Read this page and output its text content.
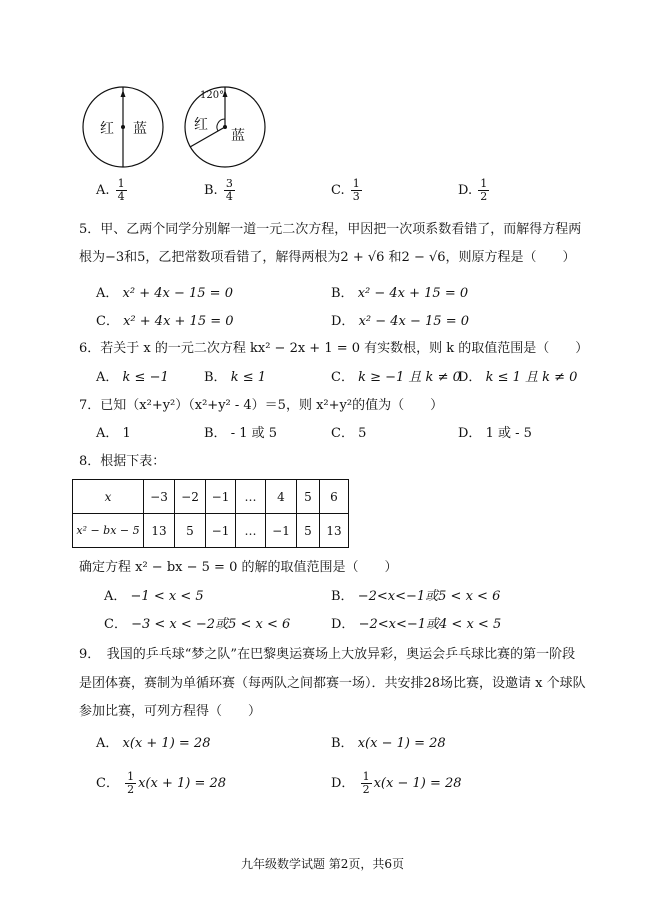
红 蓝
120°
红
蓝
A. $\frac{1}{4}$	B. $\frac{3}{4}$	C. $\frac{1}{3}$	D. $\frac{1}{2}$
5．甲、乙两个同学分别解一道一元二次方程，甲因把一次项系数看错了，而解得方程两
根为−3和5，乙把常数项看错了，解得两根为2 + √6 和2 − √6，则原方程是（　　）
A． x² + 4x − 15 = 0	B． x² − 4x + 15 = 0
C． x² + 4x + 15 = 0	D． x² − 4x − 15 = 0
6．若关于 x 的一元二次方程 kx² − 2x + 1 = 0 有实数根，则 k 的取值范围是（　　）
A． k ≤ −1	B． k ≤ 1	C． k ≥ −1 且 k ≠ 0
D． k ≤ 1 且 k ≠ 0
7．已知（x²+y²）（x²+y² - 4）＝5，则 x²+y²的值为（　　）
A． 1	B． - 1 或 5	C． 5	D． 1 或 - 5
8．根据下表：
x	−3	−2	−1	…	4	5	6
x² − bx − 5	13	5	−1	…	−1	5	13
确定方程 x² − bx − 5 = 0 的解的取值范围是（　　）
A． −1 < x < 5	B． −2<x<−1或5 < x < 6
C． −3 < x < −2或5 < x < 6	D． −2<x<−1或4 < x < 5
9．　我国的乒乓球“梦之队”在巴黎奥运赛场上大放异彩，奥运会乒乓球比赛的第一阶段
是团体赛，赛制为单循环赛（每两队之间都赛一场）．共安排28场比赛，设邀请 x 个球队
参加比赛，可列方程得（　　）
A． x(x + 1) = 28	B． x(x − 1) = 28
C． $\frac{1}{2} x(x + 1) = 28$	D． $\frac{1}{2} x(x - 1) = 28$
九年级数学试题 第2页，共6页
